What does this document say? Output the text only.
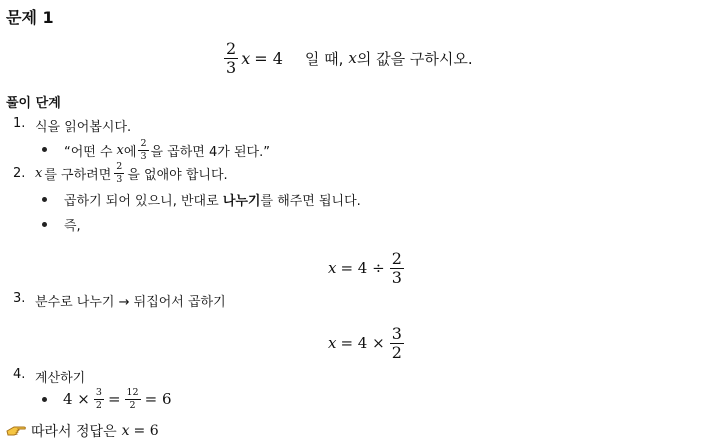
문제 1
$\frac{2}{3}$ x = 4 일 때, x 의 값을 구하시오.
풀이 단계
1. 식을 읽어봅시다.
“어떤 수 x 에 $\frac{2}{3}$ 을 곱하면 4가 된다.”
2. x 를 구하려면 $\frac{2}{3}$ 을 없애야 합니다.
곱하기 되어 있으니, 반대로 나누기를 해주면 됩니다.
즉,
$x = 4 \div \frac{2}{3}$
3. 분수로 나누기 → 뒤집어서 곱하기
$x = 4 \times \frac{3}{2}$
4. 계산하기
$4 \times \frac{3}{2} = \frac{12}{2} = 6$
따라서 정답은 x = 6
